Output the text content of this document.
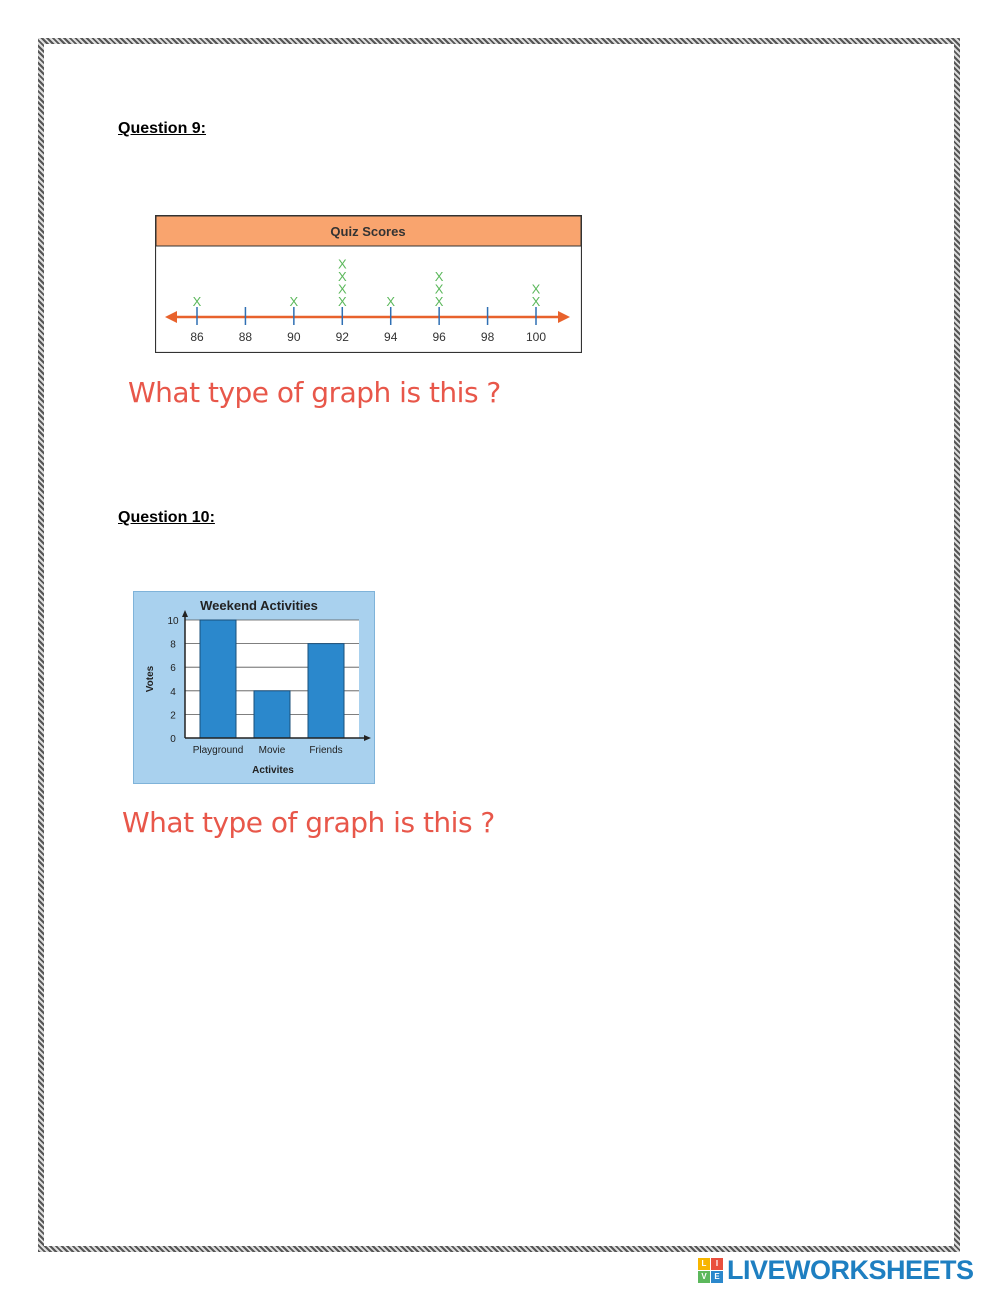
Question 9:
Quiz Scores
86	88	90	92	94	96	98	100
X	X	X
X
X
X
X	X
X
X
X
X
What type of graph is this ?
Question 10:
Weekend Activities
0
2
4
6
8
10
Playground Movie Friends
Votes
Activites
What type of graph is this ?
L	I
V E LIVEWORKSHEETS
